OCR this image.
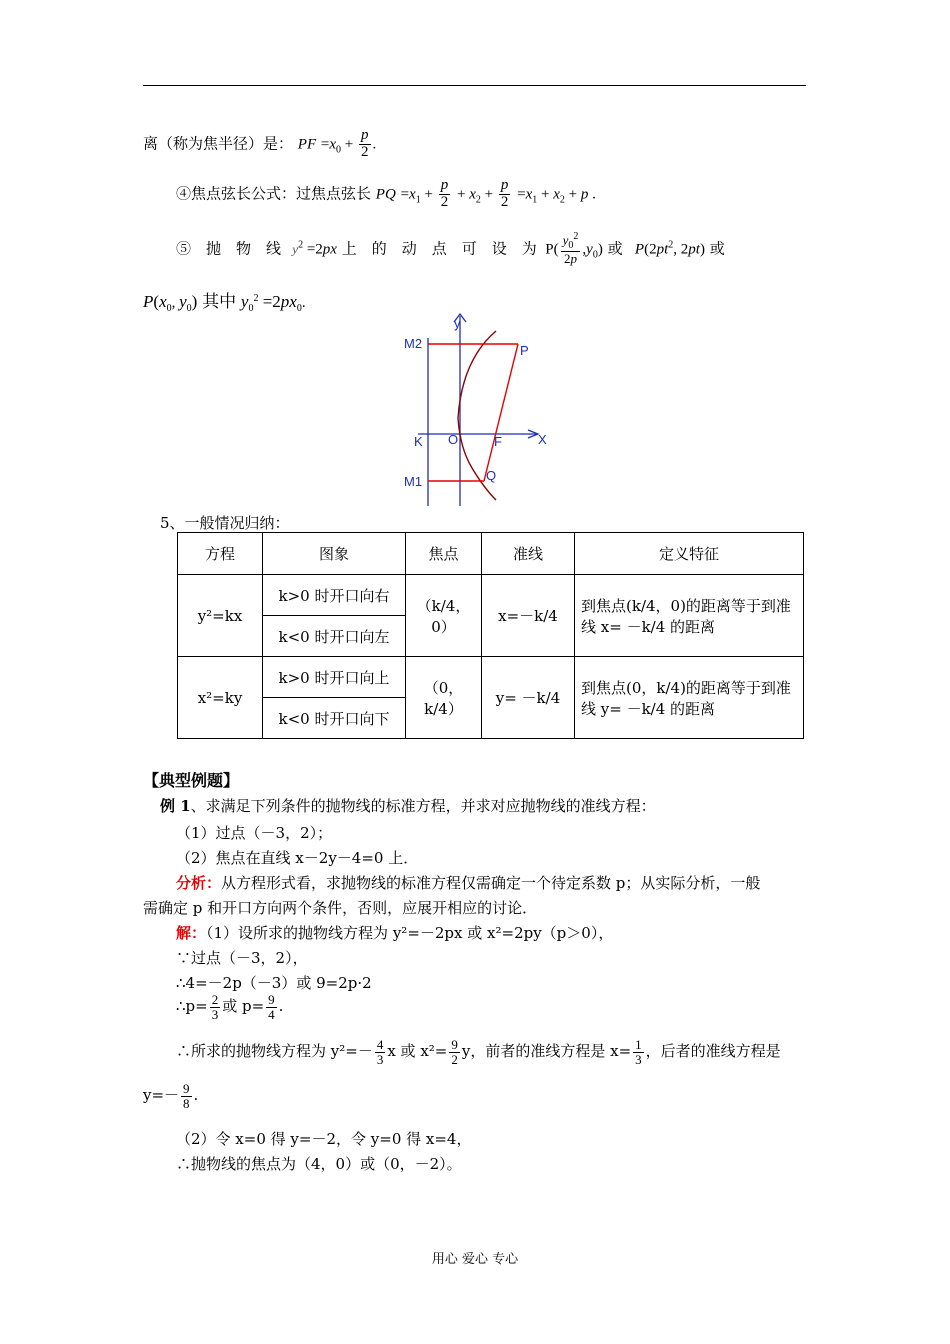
离（称为焦半径）是： PF $=x_0 + \frac{p}{2}$ .
④焦点弦长公式：过焦点弦长 PQ $=x_1 + \frac{p}{2} + x_2 + \frac{p}{2} =x_1 + x_2 + p$ .
⑤　抛　物　线   $y^2 =2px$ 上　的　动　点　可　设　为  $P( \frac{y_0^2}{2p} ,y_0)$ 或 $P(2pt^2$, 2pt) 或
$P(x_0$, $y_0$) 其中 $y_0^2 =2px_0$.
y
M2	P
K O	F	X
M1	Q
5、一般情况归纳：
方程	图象	焦点	准线	定义特征
y²=kx	k>0 时开口向右	（k/4，0）	x=－k/4	到焦点(k/4，0)的距离等于到准线 x= －k/4 的距离
	k<0 时开口向左			
x²=ky	k>0 时开口向上	（0，k/4）	y= －k/4	到焦点(0，k/4)的距离等于到准线 y= －k/4 的距离
	k<0 时开口向下			
【典型例题】
例 1、求满足下列条件的抛物线的标准方程，并求对应抛物线的准线方程：
（1）过点（－3，2）；
（2）焦点在直线 x－2y－4=0 上．
分析：从方程形式看，求抛物线的标准方程仅需确定一个待定系数 p；从实际分析，一般
需确定 p 和开口方向两个条件，否则，应展开相应的讨论．
解：（1）设所求的抛物线方程为 y²=－2px 或 x²=2py（p＞0），
∵过点（－3，2），
∴4=－2p（－3）或 9=2p·2
∴p= $\frac{2}{3}$ 或 $p= \frac{9}{4}$ .
∴所求的抛物线方程为 $y^2=- \frac{4}{3}$ x 或 $x^2= \frac{9}{2}$ y，前者的准线方程是 $x= \frac{1}{3}$ ，后者的准线方程是
$y=- \frac{9}{8}$ .
（2）令 x=0 得 y=－2，令 y=0 得 x=4，
∴抛物线的焦点为（4，0）或（0，－2）。
用心 爱心 专心
